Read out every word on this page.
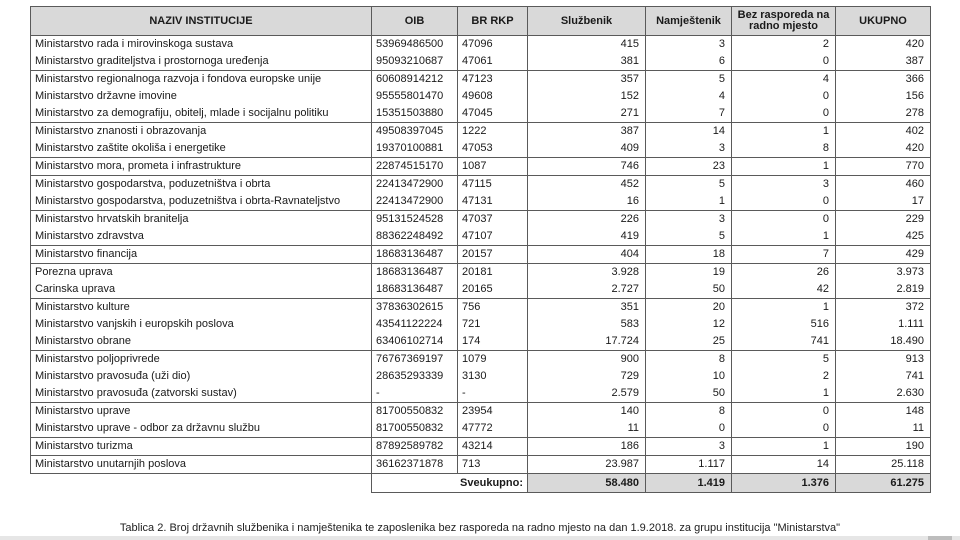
NAZIV INSTITUCIJE	OIB	BR RKP	Službenik	Namještenik	Bez rasporeda na radno mjesto	UKUPNO
Ministarstvo rada i mirovinskoga sustava	53969486500	47096	415	3	2	420
Ministarstvo graditeljstva i prostornoga uređenja	95093210687	47061	381	6	0	387
Ministarstvo regionalnoga razvoja i fondova europske unije	60608914212	47123	357	5	4	366
Ministarstvo državne imovine	95555801470	49608	152	4	0	156
Ministarstvo za demografiju, obitelj, mlade i socijalnu politiku	15351503880	47045	271	7	0	278
Ministarstvo znanosti i obrazovanja	49508397045	1222	387	14	1	402
Ministarstvo zaštite okoliša i energetike	19370100881	47053	409	3	8	420
Ministarstvo mora, prometa i infrastrukture	22874515170	1087	746	23	1	770
Ministarstvo gospodarstva, poduzetništva i obrta	22413472900	47115	452	5	3	460
Ministarstvo gospodarstva, poduzetništva i obrta-Ravnateljstvo	22413472900	47131	16	1	0	17
Ministarstvo hrvatskih branitelja	95131524528	47037	226	3	0	229
Ministarstvo zdravstva	88362248492	47107	419	5	1	425
Ministarstvo financija	18683136487	20157	404	18	7	429
Porezna uprava	18683136487	20181	3.928	19	26	3.973
Carinska uprava	18683136487	20165	2.727	50	42	2.819
Ministarstvo kulture	37836302615	756	351	20	1	372
Ministarstvo vanjskih i europskih poslova	43541122224	721	583	12	516	1.111
Ministarstvo obrane	63406102714	174	17.724	25	741	18.490
Ministarstvo poljoprivrede	76767369197	1079	900	8	5	913
Ministarstvo pravosuđa (uži dio)	28635293339	3130	729	10	2	741
Ministarstvo pravosuđa (zatvorski sustav)	-	-	2.579	50	1	2.630
Ministarstvo uprave	81700550832	23954	140	8	0	148
Ministarstvo uprave - odbor za državnu službu	81700550832	47772	11	0	0	11
Ministarstvo turizma	87892589782	43214	186	3	1	190
Ministarstvo unutarnjih poslova	36162371878	713	23.987	1.117	14	25.118
	Sveukupno:		58.480	1.419	1.376	61.275
Tablica 2. Broj državnih službenika i namještenika te zaposlenika bez rasporeda na radno mjesto na dan 1.9.2018. za grupu institucija "Ministarstva"
